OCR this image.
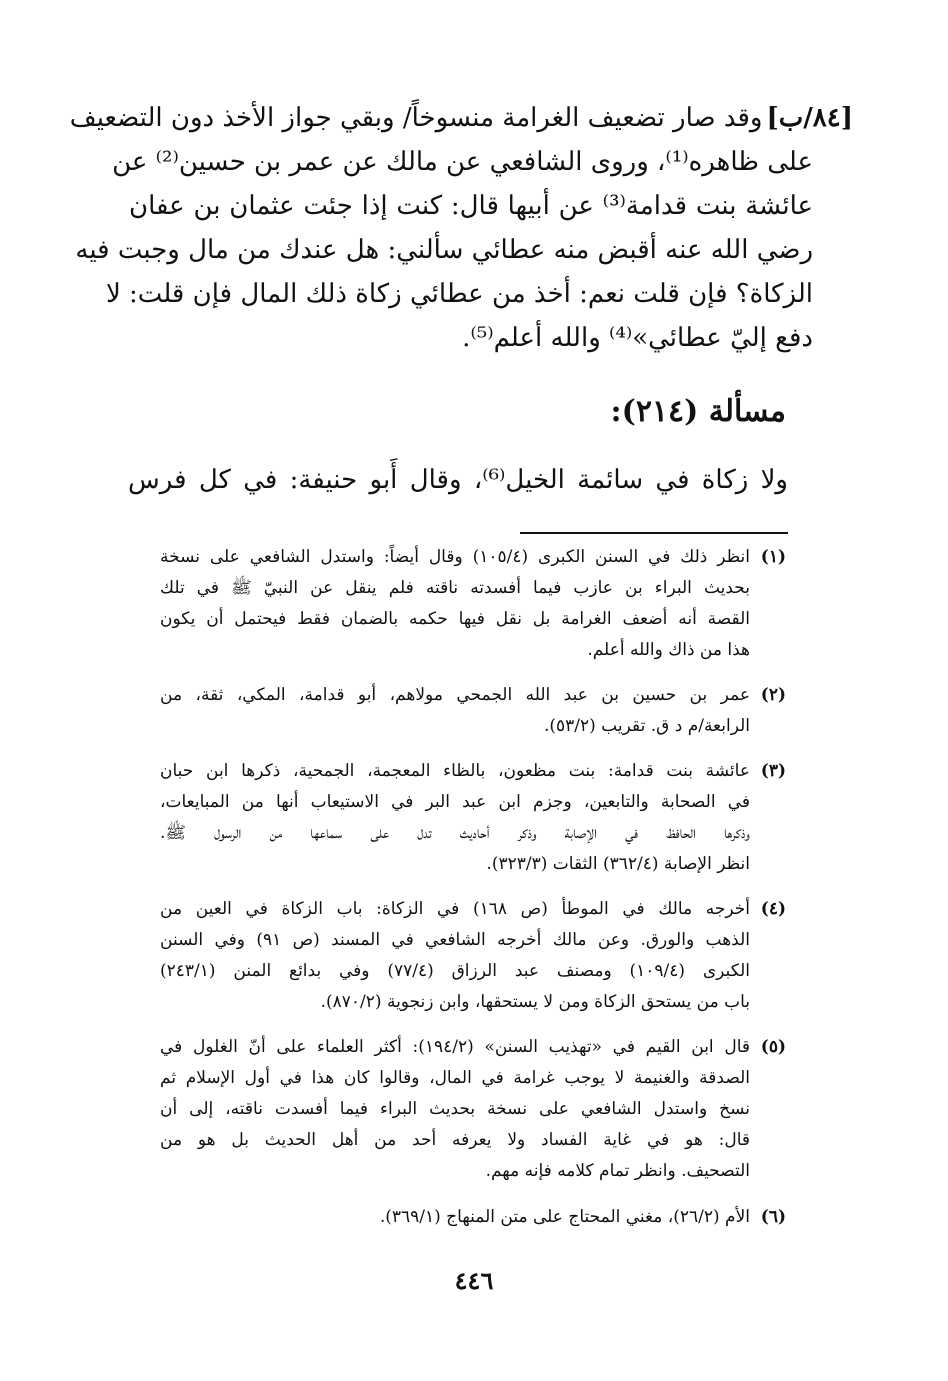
[٨٤/ب]وقد صار تضعيف الغرامة منسوخاً/ وبقي جواز الأخذ دون التضعيف
على ظاهره⁽¹⁾، وروى الشافعي عن مالك عن عمر بن حسين⁽²⁾ عن
عائشة بنت قدامة⁽³⁾ عن أبيها قال: كنت إذا جئت عثمان بن عفان
رضي الله عنه أقبض منه عطائي سألني: هل عندك من مال وجبت فيه
الزكاة؟ فإن قلت نعم: أخذ من عطائي زكاة ذلك المال فإن قلت: لا
دفع إليّ عطائي»⁽⁴⁾ والله أعلم⁽⁵⁾.
مسألة (٢١٤):
ولا زكاة في سائمة الخيل⁽⁶⁾، وقال أَبو حنيفة: في كل فرس
(١)
انظر ذلك في السنن الكبرى (١٠٥/٤) وقال أيضاً: واستدل الشافعي على نسخة
بحديث البراء بن عازب فيما أفسدته ناقته فلم ينقل عن النبيّ ﷺ في تلك
القصة أنه أضعف الغرامة بل نقل فيها حكمه بالضمان فقط فيحتمل أن يكون
هذا من ذاك والله أعلم.
(٢)
عمر بن حسين بن عبد الله الجمحي مولاهم، أبو قدامة، المكي، ثقة، من
الرابعة/م د ق. تقريب (٥٣/٢).
(٣)
عائشة بنت قدامة: بنت مظعون، بالظاء المعجمة، الجمحية، ذكرها ابن حبان
في الصحابة والتابعين، وجزم ابن عبد البر في الاستيعاب أنها من المبايعات،
وذكرها الحافظ في الإصابة وذكر أحاديث تدل على سماعها من الرسول ﷺ.
انظر الإصابة (٣٦٢/٤) الثقات (٣٢٣/٣).
(٤)
أخرجه مالك في الموطأ (ص ١٦٨) في الزكاة: باب الزكاة في العين من
الذهب والورق. وعن مالك أخرجه الشافعي في المسند (ص ٩١) وفي السنن
الكبرى (١٠٩/٤) ومصنف عبد الرزاق (٧٧/٤) وفي بدائع المنن (٢٤٣/١)
باب من يستحق الزكاة ومن لا يستحقها، وابن زنجوية (٨٧٠/٢).
(٥)
قال ابن القيم في «تهذيب السنن» (١٩٤/٢): أكثر العلماء على أنّ الغلول في
الصدقة والغنيمة لا يوجب غرامة في المال، وقالوا كان هذا في أول الإسلام ثم
نسخ واستدل الشافعي على نسخة بحديث البراء فيما أفسدت ناقته، إلى أن
قال: هو في غاية الفساد ولا يعرفه أحد من أهل الحديث بل هو من
التصحيف. وانظر تمام كلامه فإنه مهم.
(٦)
الأم (٢٦/٢)، مغني المحتاج على متن المنهاج (٣٦٩/١).
٤٤٦
